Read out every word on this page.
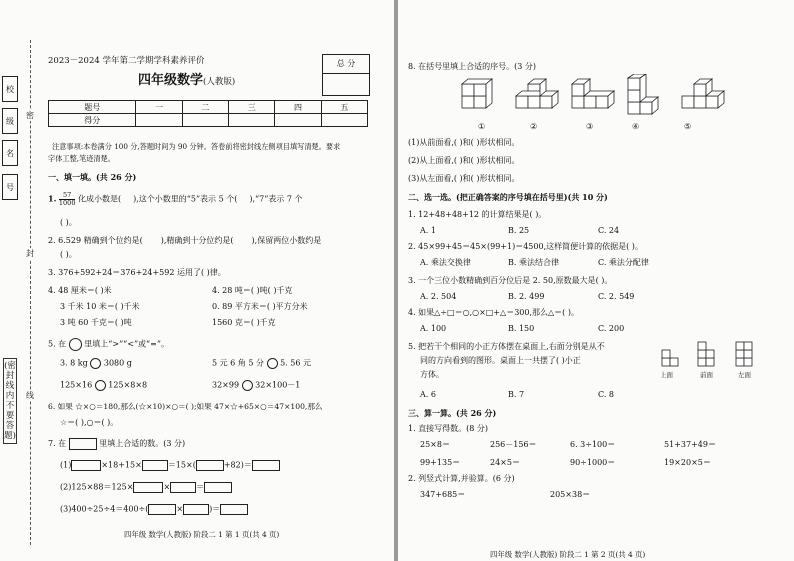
校
级
名
号
密
封
线
(密封线内不要答题)
2023－2024 学年第二学期学科素养评价
四年级数学(人教版)
总 分
题号	一	二	三	四	五
得分					
注意事项:本卷满分 100 分,答题时间为 90 分钟。答卷前将密封线左侧项目填写清楚。要求
字体工整,笔迹清楚。
一、填一填。(共 26 分)
1. $\frac{57}{1000}$ 化成小数是( ),这个小数里的“5”表示 5 个( ),“7”表示 7 个
( )。
2. 6.529 精确到个位约是( ),精确到十分位约是( ),保留两位小数约是
( )。
3. 376+592+24＝376+24+592 运用了( )律。
4. 48 厘米＝( )米	4. 28 吨＝( )吨( )千克
3 千米 10 米＝( )千米	0. 89 平方米＝( )平方分米
3 吨 60 千克＝( )吨	1560 克＝( )千克
5. 在 里填上“>”“<”或“=”。
3. 8 kg 3080 g	5 元 6 角 5 分 5. 56 元
125×16 125×8×8	32×99 32×100－1
6. 如果 ☆×○＝180,那么(☆×10)×○＝( );如果 47×☆+65×○＝47×100,那么
☆＝( ),○＝( )。
7. 在	里填上合适的数。(3 分)
(1)	×18+15×	＝15×(	+82)＝
(2)125×88＝125×	×	＝
(3)400÷25÷4＝400÷(	×	)＝
四年级 数学(人教版) 阶段二 1 第 1 页(共 4 页)
8. 在括号里填上合适的序号。(3 分)
①	②	③	④	⑤
(1)从前面看,( )和( )形状相同。
(2)从上面看,( )和( )形状相同。
(3)从左面看,( )和( )形状相同。
二、选一选。(把正确答案的序号填在括号里)(共 10 分)
1. 12+48+48+12 的计算结果是( )。
A. 1	B. 25	C. 24
2. 45×99+45＝45×(99+1)＝4500,这样简便计算的依据是( )。
A. 乘法交换律	B. 乘法结合律	C. 乘法分配律
3. 一个三位小数精确到百分位后是 2. 50,原数最大是( )。
A. 2. 504	B. 2. 499	C. 2. 549
4. 如果△÷□＝○,○×□+△＝300,那么△＝( )。
A. 100	B. 150	C. 200
5. 把若干个相同的小正方体摆在桌面上,右面分别是从不
同的方向看到的图形。桌面上一共摆了( )小正
方体。	上面	前面	左面
A. 6	B. 7	C. 8
三、算一算。(共 26 分)
1. 直接写得数。(8 分)
25×8＝	256－156＝	6. 3÷100＝	51+37+49＝
99+135＝	24×5＝	90÷1000＝	19×20×5＝
2. 列竖式计算,并验算。(6 分)
347+685＝	205×38＝
四年级 数学(人教版) 阶段二 1 第 2 页(共 4 页)
